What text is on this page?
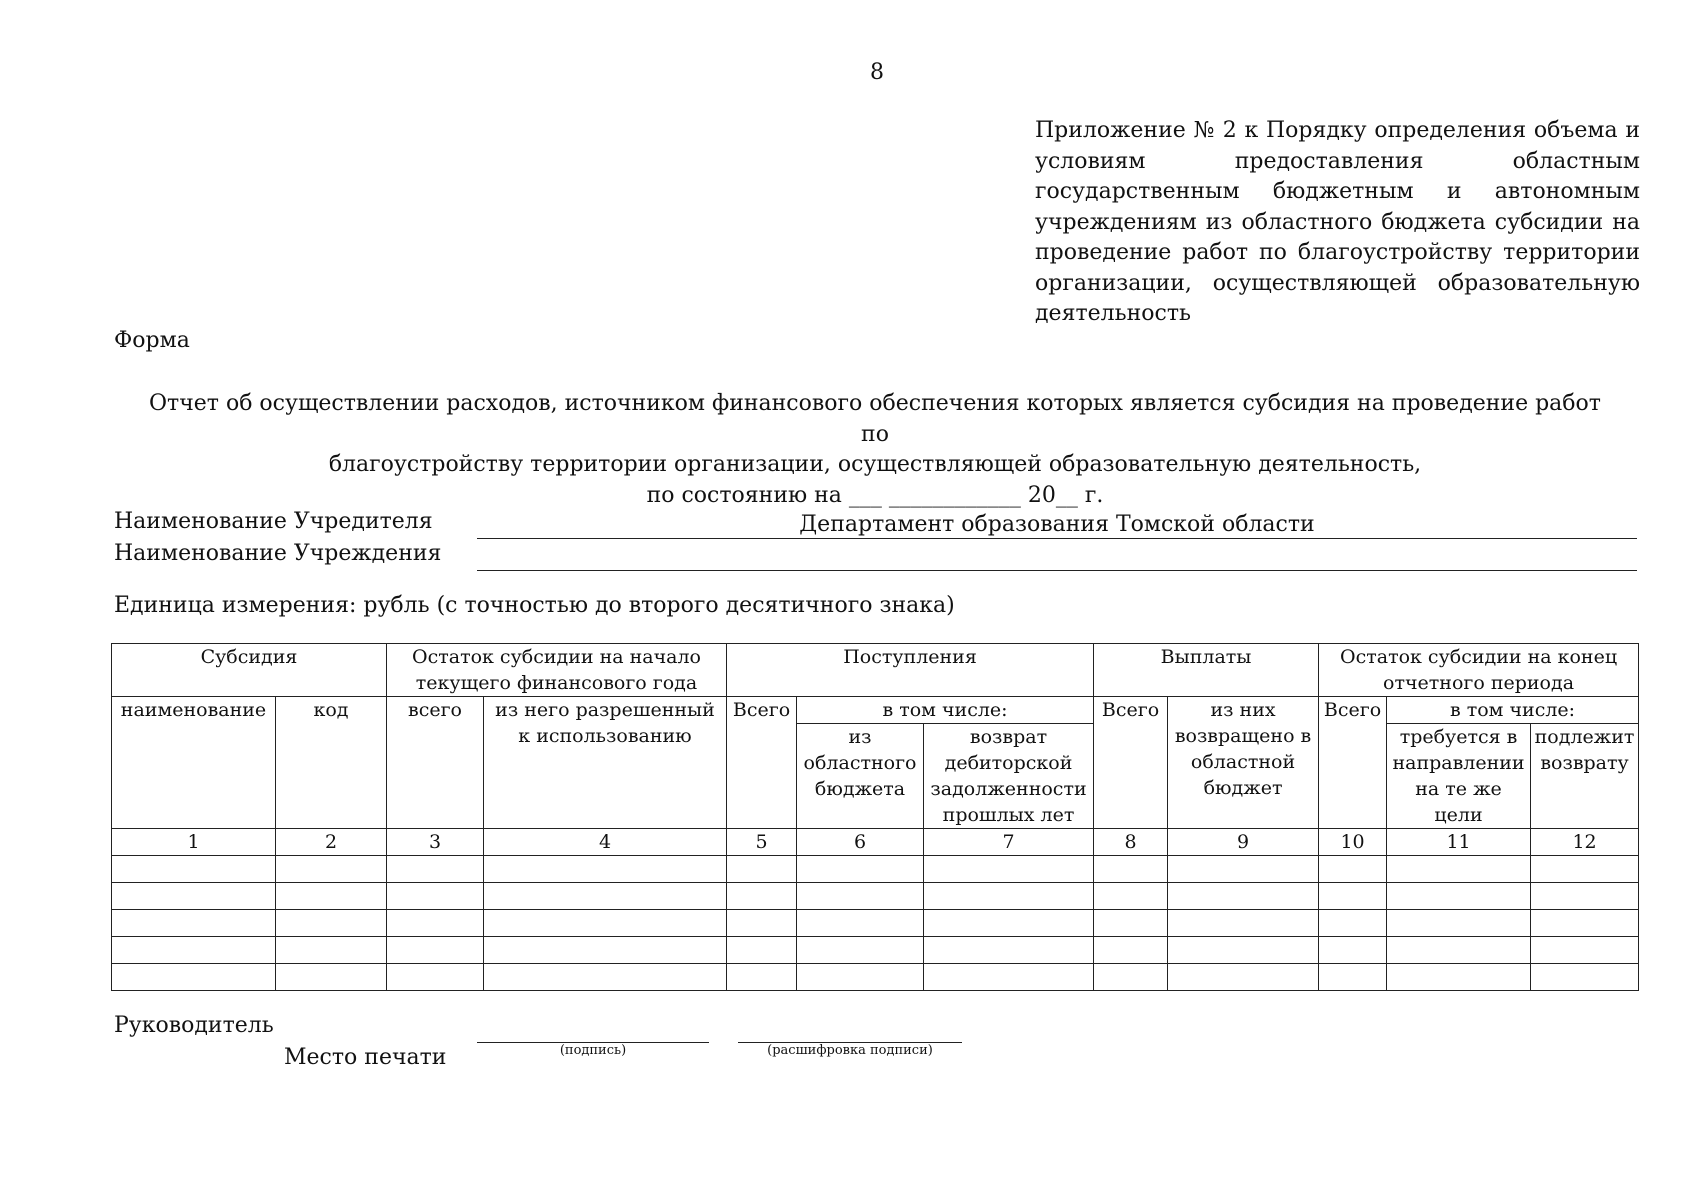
8
Приложение № 2 к Порядку определения объема и условиям предоставления областным государственным бюджетным и автономным учреждениям из областного бюджета субсидии на проведение работ по благоустройству территории организации, осуществляющей образовательную деятельность
Форма
Отчет об осуществлении расходов, источником финансового обеспечения которых является субсидия на проведение работ по
благоустройству территории организации, осуществляющей образовательную деятельность,
по состоянию на ___ ____________ 20__ г.
Наименование Учредителя	Департамент образования Томской области
Наименование Учреждения
Единица измерения: рубль (с точностью до второго десятичного знака)
Субсидия		Остаток субсидии на начало текущего финансового года		Поступления			Выплаты		Остаток субсидии на конец отчетного периода		
наименование	код	всего	из него разрешенный к использованию	Всего	в том числе:		Всего	из них возвращено в областной бюджет	Всего	в том числе:	
					из областного бюджета	возврат дебиторской задолженности прошлых лет				требуется в направлении на те же цели	подлежит возврату
1	2	3	4	5	6	7	8	9	10	11	12

Руководитель
Место печати	(подпись)	(расшифровка подписи)
